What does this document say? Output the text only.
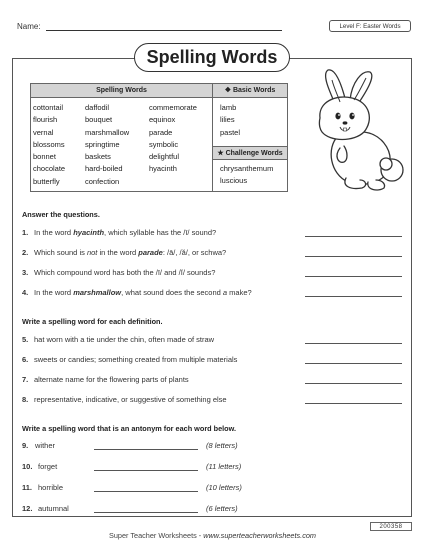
Name:	Level F: Easter Words
Spelling Words
Spelling Words	❖ Basic Words
cottontail
flourish
vernal
blossoms
bonnet
chocolate
butterfly
daffodil
bouquet
marshmallow
springtime
baskets
hard-boiled
confection
commemorate
equinox
parade
symbolic
delightful
hyacinth
lamb
lilies
pastel
★ Challenge Words
chrysanthemum
luscious
Answer the questions.
1. In the word hyacinth, which syllable has the /ī/ sound?
2. Which sound is not in the word parade: /ā/, /ă/, or schwa?
3. Which compound word has both the /ī/ and /ĭ/ sounds?
4. In the word marshmallow, what sound does the second a make?
Write a spelling word for each definition.
5. hat worn with a tie under the chin, often made of straw
6. sweets or candies; something created from multiple materials
7. alternate name for the flowering parts of plants
8. representative, indicative, or suggestive of something else
Write a spelling word that is an antonym for each word below.
9. wither	(8 letters)
10. forget	(11 letters)
11. horrible	(10 letters)
12. autumnal	(6 letters)
200358
Super Teacher Worksheets - www.superteacherworksheets.com
